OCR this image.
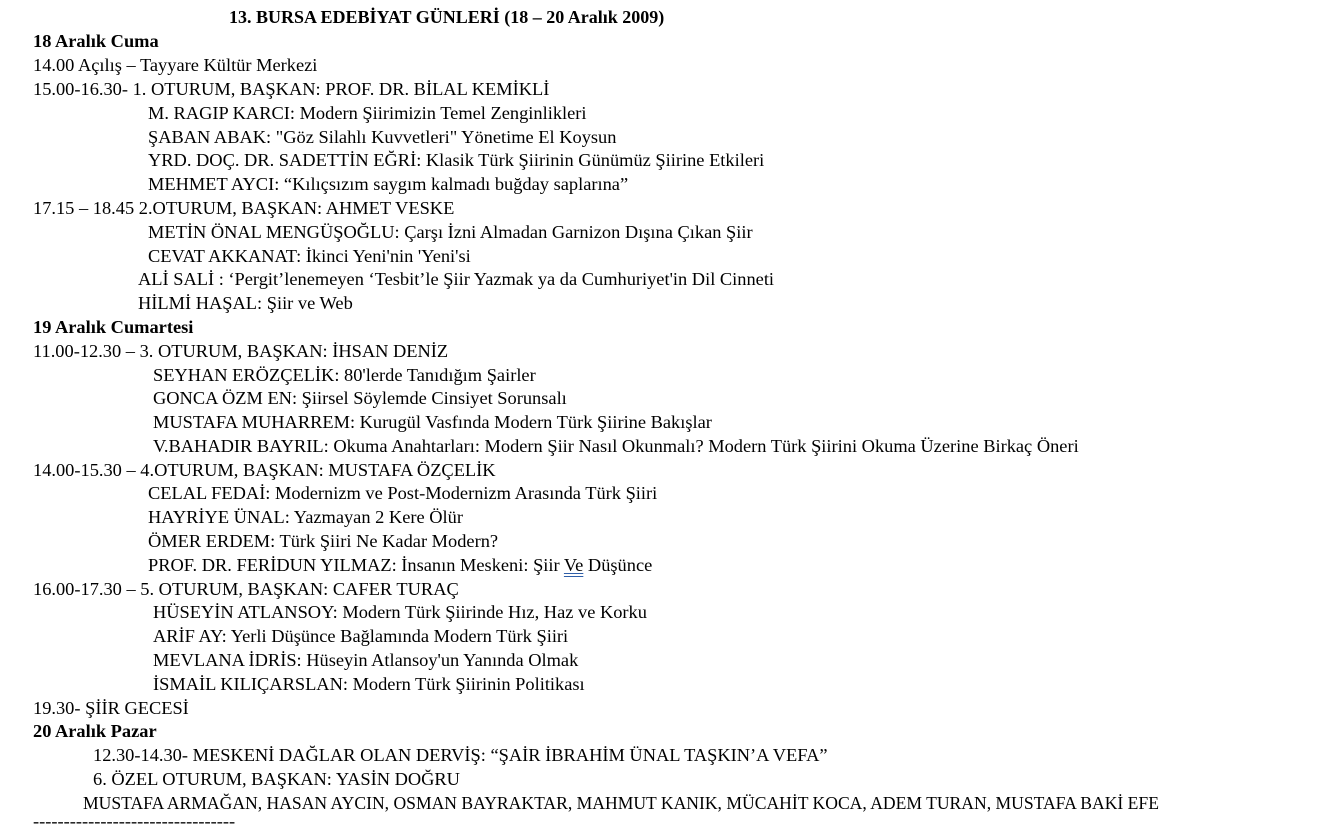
13. BURSA EDEBİYAT GÜNLERİ (18 – 20 Aralık 2009)
18 Aralık Cuma
14.00 Açılış – Tayyare Kültür Merkezi
15.00-16.30- 1. OTURUM, BAŞKAN: PROF. DR. BİLAL KEMİKLİ
M. RAGIP KARCI: Modern Şiirimizin Temel Zenginlikleri
ŞABAN ABAK: "Göz Silahlı Kuvvetleri" Yönetime El Koysun
YRD. DOÇ. DR. SADETTİN EĞRİ: Klasik Türk Şiirinin Günümüz Şiirine Etkileri
MEHMET AYCI: “Kılıçsızım saygım kalmadı buğday saplarına”
17.15 – 18.45 2.OTURUM, BAŞKAN: AHMET VESKE
METİN ÖNAL MENGÜŞOĞLU: Çarşı İzni Almadan Garnizon Dışına Çıkan Şiir
CEVAT AKKANAT: İkinci Yeni'nin 'Yeni'si
ALİ SALİ : ‘Pergit’lenemeyen ‘Tesbit’le Şiir Yazmak ya da Cumhuriyet'in Dil Cinneti
HİLMİ HAŞAL: Şiir ve Web
19 Aralık Cumartesi
11.00-12.30 – 3. OTURUM, BAŞKAN: İHSAN DENİZ
SEYHAN ERÖZÇELİK: 80'lerde Tanıdığım Şairler
GONCA ÖZM EN: Şiirsel Söylemde Cinsiyet Sorunsalı
MUSTAFA MUHARREM: Kurugül Vasfında Modern Türk Şiirine Bakışlar
V.BAHADIR BAYRIL: Okuma Anahtarları: Modern Şiir Nasıl Okunmalı? Modern Türk Şiirini Okuma Üzerine Birkaç Öneri
14.00-15.30 – 4.OTURUM, BAŞKAN: MUSTAFA ÖZÇELİK
CELAL FEDAİ: Modernizm ve Post-Modernizm Arasında Türk Şiiri
HAYRİYE ÜNAL: Yazmayan 2 Kere Ölür
ÖMER ERDEM: Türk Şiiri Ne Kadar Modern?
PROF. DR. FERİDUN YILMAZ: İnsanın Meskeni: Şiir Ve Düşünce
16.00-17.30 – 5. OTURUM, BAŞKAN: CAFER TURAÇ
HÜSEYİN ATLANSOY: Modern Türk Şiirinde Hız, Haz ve Korku
ARİF AY: Yerli Düşünce Bağlamında Modern Türk Şiiri
MEVLANA İDRİS: Hüseyin Atlansoy'un Yanında Olmak
İSMAİL KILIÇARSLAN: Modern Türk Şiirinin Politikası
19.30- ŞİİR GECESİ
20 Aralık Pazar
12.30-14.30- MESKENİ DAĞLAR OLAN DERVİŞ: “ŞAİR İBRAHİM ÜNAL TAŞKIN’A VEFA”
6. ÖZEL OTURUM, BAŞKAN: YASİN DOĞRU
MUSTAFA ARMAĞAN, HASAN AYCIN, OSMAN BAYRAKTAR, MAHMUT KANIK, MÜCAHİT KOCA, ADEM TURAN, MUSTAFA BAKİ EFE
---------------------------------
